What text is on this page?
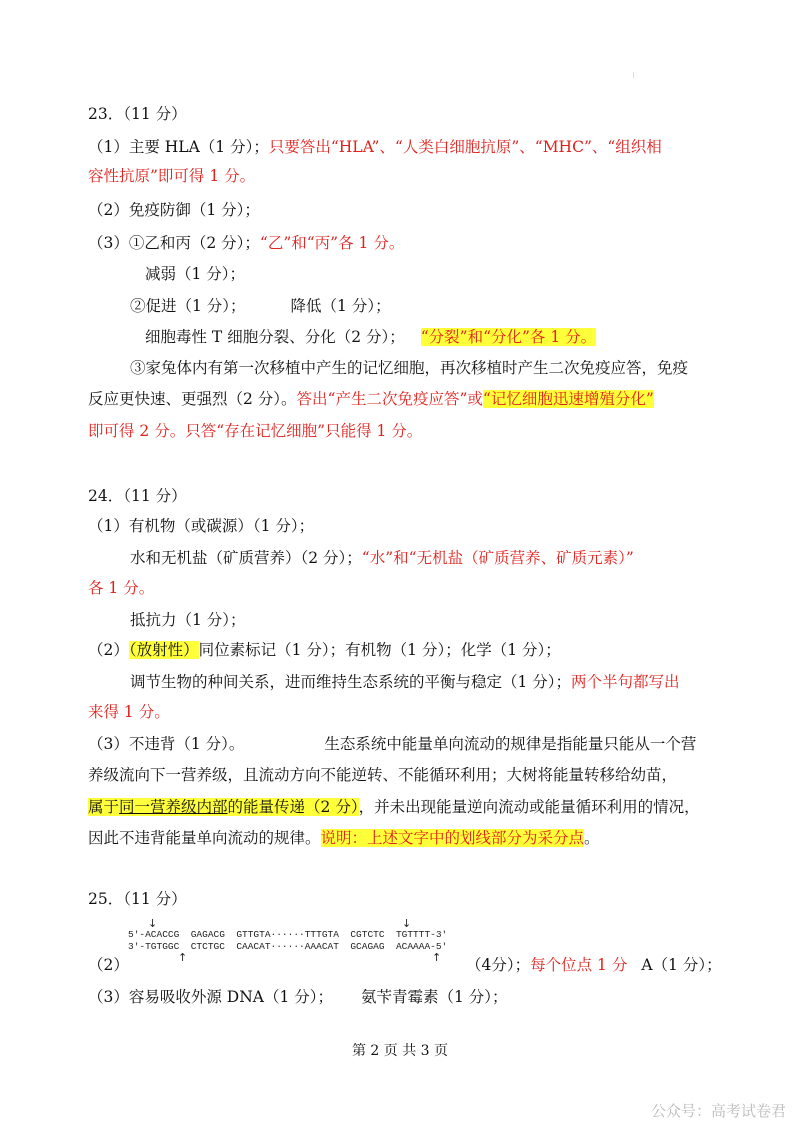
23．（11 分）
（1）主要 HLA（1 分）；只要答出“HLA”、“人类白细胞抗原”、“MHC”、“组织相
容性抗原”即可得 1 分。
（2）免疫防御（1 分）；
（3）①乙和丙（2 分）；“乙”和“丙”各 1 分。
减弱（1 分）；
②促进（1 分）；	降低（1 分）；
细胞毒性 T 细胞分裂、分化（2 分）； “分裂”和“分化”各 1 分。
③家兔体内有第一次移植中产生的记忆细胞，再次移植时产生二次免疫应答，免疫
反应更快速、更强烈（2 分）。答出“产生二次免疫应答”或“记忆细胞迅速增殖分化”
即可得 2 分。只答“存在记忆细胞”只能得 1 分。
24．（11 分）
（1）有机物（或碳源）（1 分）；
水和无机盐（矿质营养）（2 分）；“水”和“无机盐（矿质营养、矿质元素）”
各 1 分。
抵抗力（1 分）；
（2）（放射性）同位素标记（1 分）；有机物（1 分）；化学（1 分）；
调节生物的种间关系，进而维持生态系统的平衡与稳定（1 分）；两个半句都写出
来得 1 分。
（3）不违背（1 分）。	生态系统中能量单向流动的规律是指能量只能从一个营
养级流向下一营养级，且流动方向不能逆转、不能循环利用；大树将能量转移给幼苗，
属于同一营养级内部的能量传递（2 分），并未出现能量逆向流动或能量循环利用的情况，
因此不违背能量单向流动的规律。说明：上述文字中的划线部分为采分点。
25．（11 分）
↓	↓
5'-ACACCG  GAGACG  GTTGTA······TTTGTA  CGTCTC  TGTTTT-3'
3'-TGTGGC  CTCTGC  CAACAT······AAACAT  GCAGAG  ACAAAA-5'
↑	↑
（2）	（4分）；每个位点 1 分 A（1 分）；
（3）容易吸收外源 DNA（1 分）； 氨苄青霉素（1 分）；
第 2 页 共 3 页
公众号：高考试卷君
